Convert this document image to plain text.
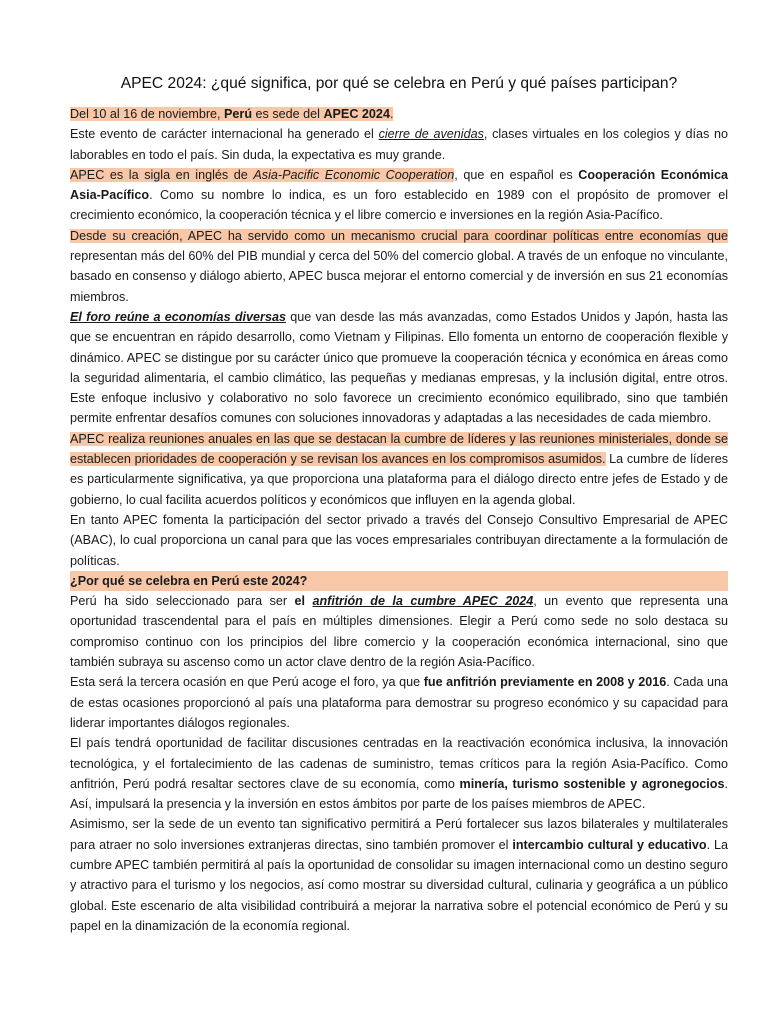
APEC 2024: ¿qué significa, por qué se celebra en Perú y qué países participan?

Del 10 al 16 de noviembre, Perú es sede del APEC 2024.

Este evento de carácter internacional ha generado el cierre de avenidas, clases virtuales en los colegios y días no laborables en todo el país. Sin duda, la expectativa es muy grande.

APEC es la sigla en inglés de Asia-Pacific Economic Cooperation, que en español es Cooperación Económica Asia-Pacífico. Como su nombre lo indica, es un foro establecido en 1989 con el propósito de promover el crecimiento económico, la cooperación técnica y el libre comercio e inversiones en la región Asia-Pacífico.

Desde su creación, APEC ha servido como un mecanismo crucial para coordinar políticas entre economías que representan más del 60% del PIB mundial y cerca del 50% del comercio global. A través de un enfoque no vinculante, basado en consenso y diálogo abierto, APEC busca mejorar el entorno comercial y de inversión en sus 21 economías miembros.

El foro reúne a economías diversas que van desde las más avanzadas, como Estados Unidos y Japón, hasta las que se encuentran en rápido desarrollo, como Vietnam y Filipinas. Ello fomenta un entorno de cooperación flexible y dinámico. APEC se distingue por su carácter único que promueve la cooperación técnica y económica en áreas como la seguridad alimentaria, el cambio climático, las pequeñas y medianas empresas, y la inclusión digital, entre otros. Este enfoque inclusivo y colaborativo no solo favorece un crecimiento económico equilibrado, sino que también permite enfrentar desafíos comunes con soluciones innovadoras y adaptadas a las necesidades de cada miembro.

APEC realiza reuniones anuales en las que se destacan la cumbre de líderes y las reuniones ministeriales, donde se establecen prioridades de cooperación y se revisan los avances en los compromisos asumidos. La cumbre de líderes es particularmente significativa, ya que proporciona una plataforma para el diálogo directo entre jefes de Estado y de gobierno, lo cual facilita acuerdos políticos y económicos que influyen en la agenda global.

En tanto APEC fomenta la participación del sector privado a través del Consejo Consultivo Empresarial de APEC (ABAC), lo cual proporciona un canal para que las voces empresariales contribuyan directamente a la formulación de políticas.

¿Por qué se celebra en Perú este 2024?

Perú ha sido seleccionado para ser el anfitrión de la cumbre APEC 2024, un evento que representa una oportunidad trascendental para el país en múltiples dimensiones. Elegir a Perú como sede no solo destaca su compromiso continuo con los principios del libre comercio y la cooperación económica internacional, sino que también subraya su ascenso como un actor clave dentro de la región Asia-Pacífico.

Esta será la tercera ocasión en que Perú acoge el foro, ya que fue anfitrión previamente en 2008 y 2016. Cada una de estas ocasiones proporcionó al país una plataforma para demostrar su progreso económico y su capacidad para liderar importantes diálogos regionales.

El país tendrá oportunidad de facilitar discusiones centradas en la reactivación económica inclusiva, la innovación tecnológica, y el fortalecimiento de las cadenas de suministro, temas críticos para la región Asia-Pacífico. Como anfitrión, Perú podrá resaltar sectores clave de su economía, como minería, turismo sostenible y agronegocios. Así, impulsará la presencia y la inversión en estos ámbitos por parte de los países miembros de APEC.

Asimismo, ser la sede de un evento tan significativo permitirá a Perú fortalecer sus lazos bilaterales y multilaterales para atraer no solo inversiones extranjeras directas, sino también promover el intercambio cultural y educativo. La cumbre APEC también permitirá al país la oportunidad de consolidar su imagen internacional como un destino seguro y atractivo para el turismo y los negocios, así como mostrar su diversidad cultural, culinaria y geográfica a un público global. Este escenario de alta visibilidad contribuirá a mejorar la narrativa sobre el potencial económico de Perú y su papel en la dinamización de la economía regional.
